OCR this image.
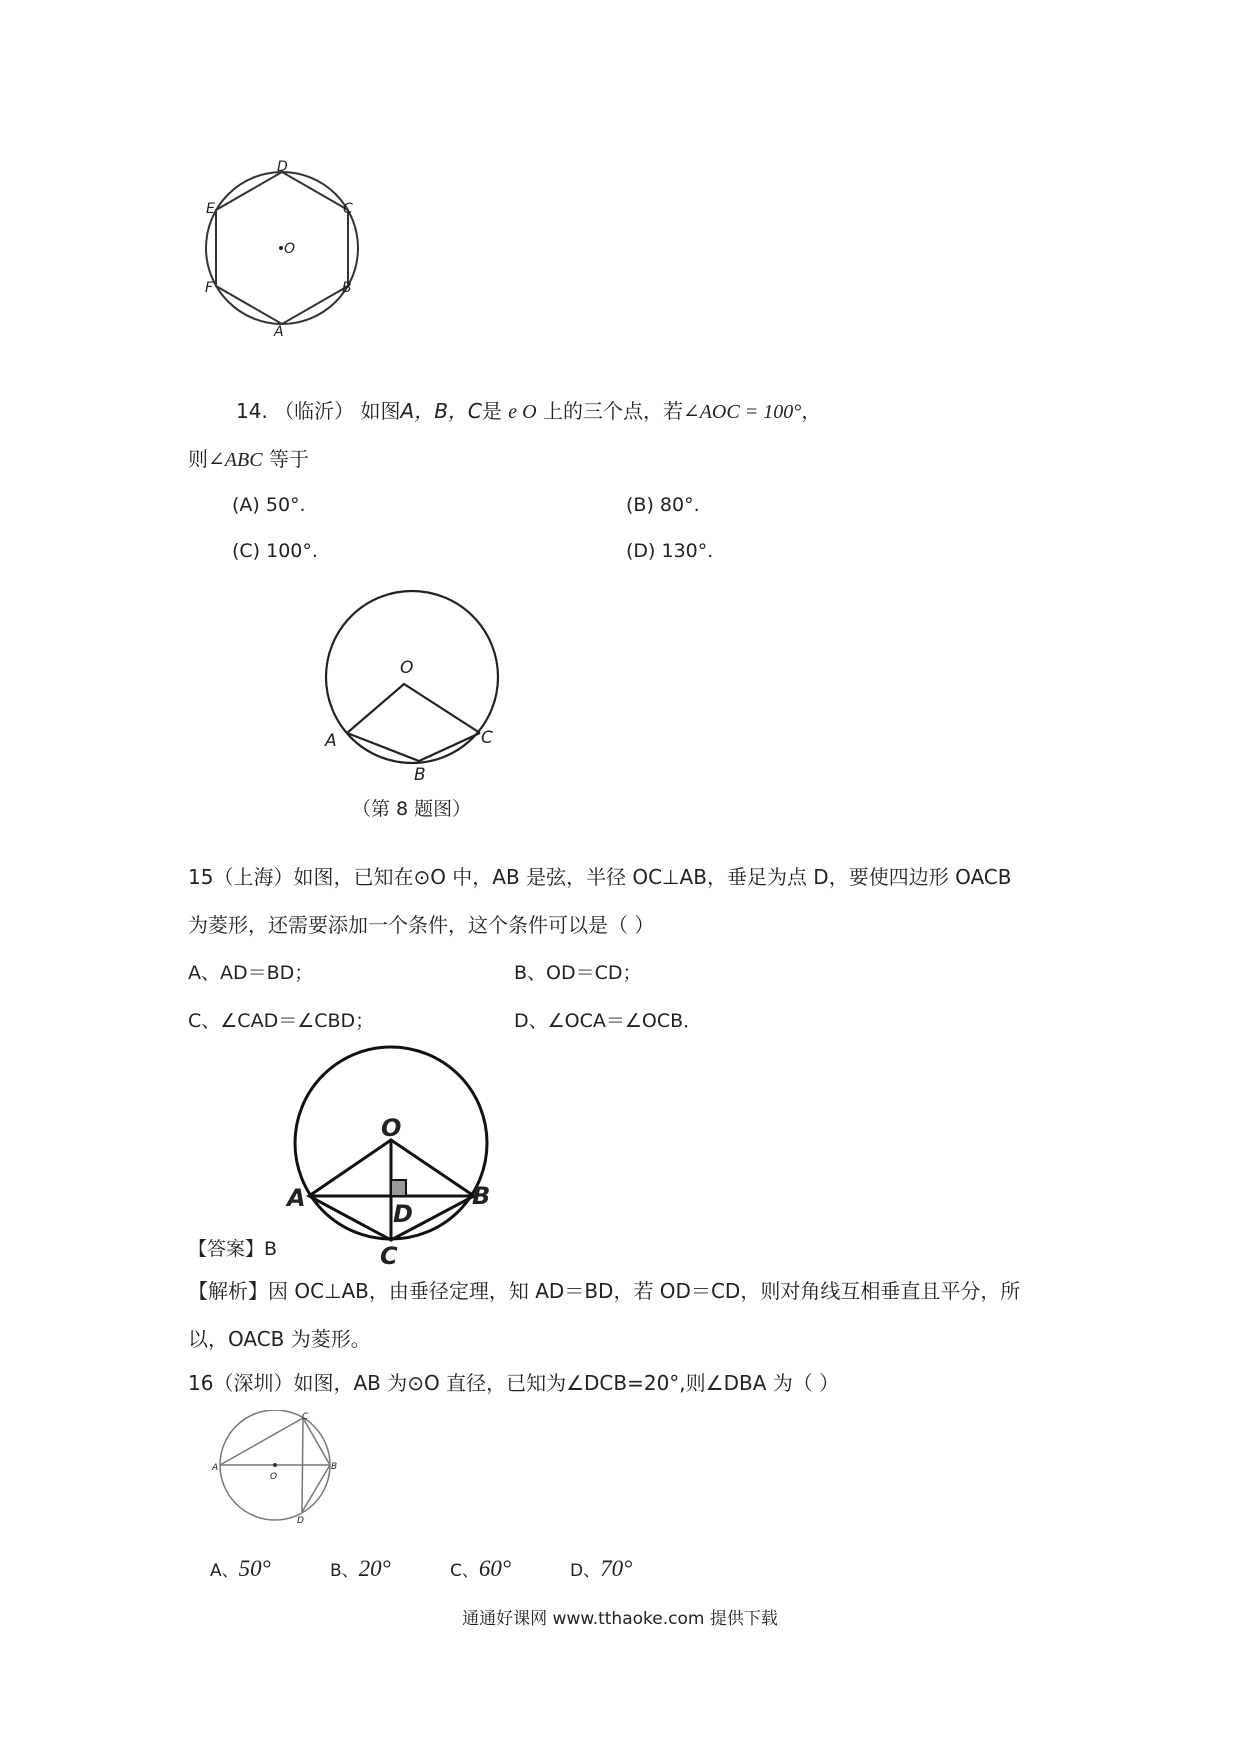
D
C
E
O
F	B
A
14. （临沂） 如图A，B，C是 e O 上的三个点，若∠AOC = 100°，
则∠ABC 等于
(A) 50°.	(B) 80°.
(C) 100°.	(D) 130°.
O
A	C
B
（第 8 题图）
15（上海）如图，已知在⊙O 中，AB 是弦，半径 OC⊥AB，垂足为点 D，要使四边形 OACB
为菱形，还需要添加一个条件，这个条件可以是（ ）
A、AD＝BD；	B、OD＝CD；
C、∠CAD＝∠CBD；	D、∠OCA＝∠OCB．
O
A	B
D
C
【答案】B
【解析】因 OC⊥AB，由垂径定理，知 AD＝BD，若 OD＝CD，则对角线互相垂直且平分，所
以，OACB 为菱形。
16（深圳）如图，AB 为⊙O 直径，已知为∠DCB=20°,则∠DBA 为（ ）
A
O
B
C
D
A、50°	B、20°	C、60°	D、70°
通通好课网 www.tthaoke.com 提供下载
